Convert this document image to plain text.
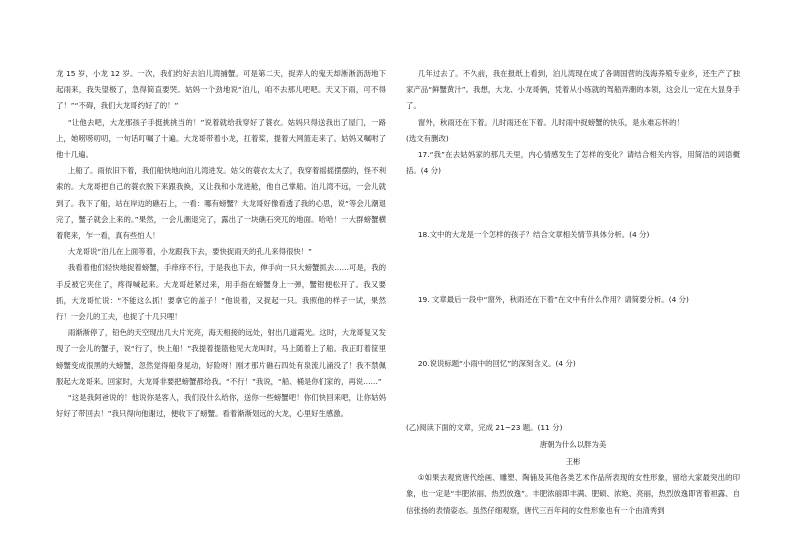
龙 15 岁，小龙 12 岁。一次，我们约好去泊儿湾捕蟹。可是第二天，捉弄人的鬼天却淅淅沥沥地下起雨来，我失望极了，急得简直要哭。姑妈一个劲地说“泊儿，咱不去那儿吧吧。天又下雨，可不得了！”“不碍，我们大龙哥约好了的！”

“让他去吧，大龙那孩子手挺挑挑当的！”说着就给我穿好了蓑衣。姑妈只得送我出了屋门，一路上，她唠唠叨叨，一句话叮嘱了十遍。大龙哥带着小龙，扛着桨，提着大网篮走来了。姑妈又嘱咐了他十几遍。

上船了。雨依旧下着，我们船快地向泊儿湾进发。姑父的蓑衣太大了，我穿着摇摇摆摆的，怪不利索的。大龙哥把自己的蓑衣脱下来跟我换，又让我和小龙进舱，他自己掌船。泊儿湾不远，一会儿就到了。我下了船，站在岸边的礁石上，一看：哪有螃蟹？大龙哥好像看透了我的心思，说“等会儿潮退完了，蟹子就会上来的。”果然，一会儿潮退完了，露出了一块礁石突兀的地面。哈哈！一大群螃蟹横着爬来，乍一看，真有些怕人！

大龙哥说“泊儿在上面等着，小龙跟我下去，要快捉雨天的孔儿来得很快！”

我看着他们轻快地捉着螃蟹，手痒痒不行，于是我也下去，伸手向一只大螃蟹抓去……可是，我的手反被它夹住了，疼得喊起来。大龙哥赶紧过来，用手指在螃蟹身上一弹，蟹钳便松开了。我又要抓，大龙哥忙说：“不能这么抓！要拿它的盖子！”他说着，又捉起一只。我照他的样子一试，果然行！一会儿的工夫，也捉了十几只哩！

雨渐渐停了，铅色的天空现出几大片光亮，海天相接的远处，射出几道霞光。这时，大龙哥复又发现了一会儿的蟹子，说“行了，快上船！”我提着提篮他见大龙叫时，马上随着上了船。我正盯着筐里螃蟹变成很黑的大螃蟹，忽然觉得船身晃动，好险呀！刚才那片礁石四处有泉流儿涌没了！我不禁佩服起大龙哥来。回家时，大龙哥非要把螃蟹都给我。“不行！”我说，“船、桶是你们家的，再说……”

“这是我阿爸说的！他说你是客人，我们没什么给你，送你一些螃蟹吧！你们快回来吧，让你姑妈好好了带回去！”我只得向他谢过，便收下了螃蟹。看着渐渐划远的大龙，心里好生感激。

几年过去了。不久前，我在报纸上看到，泊儿湾现在成了各调国营的浅海养殖专业乡，还生产了独家产品“鲜蟹黄汁”。我想，大龙、小龙哥俩，凭着从小练就的驾船弄潮的本领，这会儿一定在大显身手了。

窗外，秋雨还在下着。儿时雨还在下着。儿时雨中捉螃蟹的快乐，是永难忘怀的！

(选文有删改)

17.“我”在去姑妈家的那几天里，内心情感发生了怎样的变化？请结合相关内容，用简洁的词语概括。(4 分)

18.文中的大龙是一个怎样的孩子？结合文章相关情节具体分析。(4 分)

19. 文章最后一段中“窗外，秋雨还在下着”在文中有什么作用？请简要分析。(4 分)

20.说说标题“小雨中的回忆”的深刻含义。(4 分)

(乙)阅读下面的文章，完成 21~23 题。(11 分)

唐朝为什么以胖为美

王彬

①如果去观赏唐代绘画、雕塑、陶俑及其他各类艺术作品所表现的女性形象，留给大家最突出的印象，也一定是“丰肥浓丽、热烈放逸”。丰肥浓丽即丰满、肥硕、浓艳、亮丽，热烈放逸即宵着袒露、自信张扬的表情姿态。虽然仔细观察，唐代三百年间的女性形象也有一个由清秀到
